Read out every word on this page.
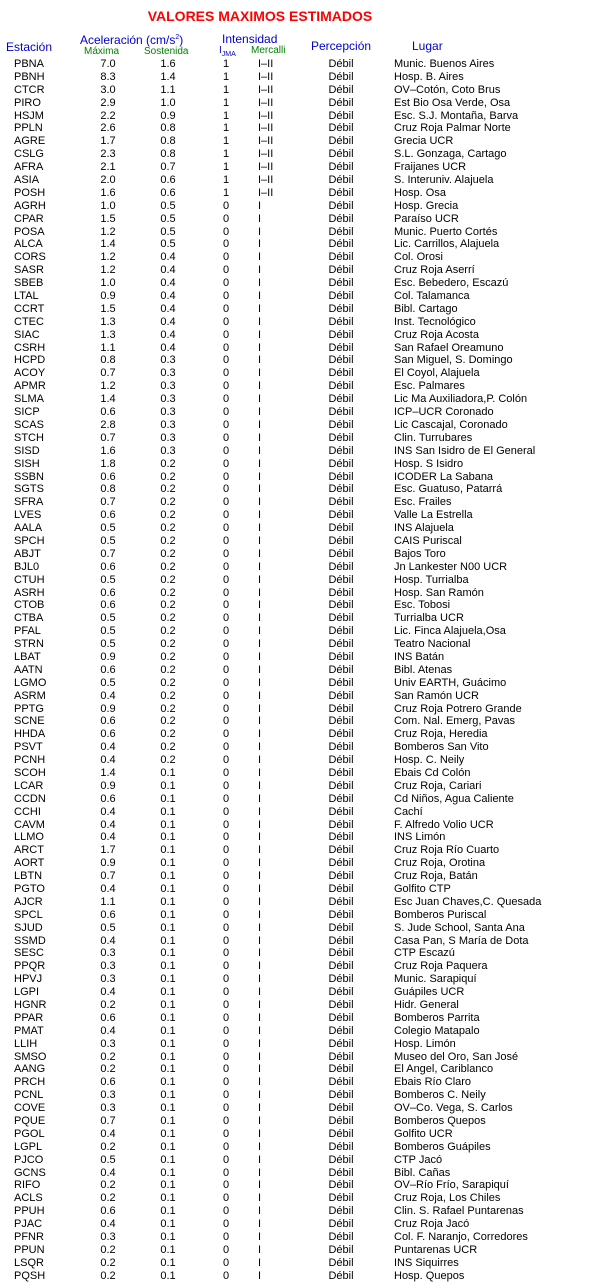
VALORES MAXIMOS ESTIMADOS
Estación Aceleración $(cm/s^2)$
Máxima Sostenida
Intensidad
$I_{JMA}$ Mercalli Percepción	Lugar
PBNA	7.0	1.6	1	I–II	Débil	Munic. Buenos Aires
PBNH	8.3	1.4	1	I–II	Débil	Hosp. B. Aires
CTCR	3.0	1.1	1	I–II	Débil	OV–Cotón, Coto Brus
PIRO	2.9	1.0	1	I–II	Débil	Est Bio Osa Verde, Osa
HSJM	2.2	0.9	1	I–II	Débil	Esc. S.J. Montaña, Barva
PPLN	2.6	0.8	1	I–II	Débil	Cruz Roja Palmar Norte
AGRE	1.7	0.8	1	I–II	Débil	Grecia UCR
CSLG	2.3	0.8	1	I–II	Débil	S.L. Gonzaga, Cartago
AFRA	2.1	0.7	1	I–II	Débil	Fraijanes UCR
ASIA	2.0	0.6	1	I–II	Débil	S. Interuniv. Alajuela
POSH	1.6	0.6	1	I–II	Débil	Hosp. Osa
AGRH	1.0	0.5	0	I	Débil	Hosp. Grecia
CPAR	1.5	0.5	0	I	Débil	Paraíso UCR
POSA	1.2	0.5	0	I	Débil	Munic. Puerto Cortés
ALCA	1.4	0.5	0	I	Débil	Lic. Carrillos, Alajuela
CORS	1.2	0.4	0	I	Débil	Col. Orosi
SASR	1.2	0.4	0	I	Débil	Cruz Roja Aserrí
SBEB	1.0	0.4	0	I	Débil	Esc. Bebedero, Escazú
LTAL	0.9	0.4	0	I	Débil	Col. Talamanca
CCRT	1.5	0.4	0	I	Débil	Bibl. Cartago
CTEC	1.3	0.4	0	I	Débil	Inst. Tecnológico
SIAC	1.3	0.4	0	I	Débil	Cruz Roja Acosta
CSRH	1.1	0.4	0	I	Débil	San Rafael Oreamuno
HCPD	0.8	0.3	0	I	Débil	San Miguel, S. Domingo
ACOY	0.7	0.3	0	I	Débil	El Coyol, Alajuela
APMR	1.2	0.3	0	I	Débil	Esc. Palmares
SLMA	1.4	0.3	0	I	Débil	Lic Ma Auxiliadora,P. Colón
SICP	0.6	0.3	0	I	Débil	ICP–UCR Coronado
SCAS	2.8	0.3	0	I	Débil	Lic Cascajal, Coronado
STCH	0.7	0.3	0	I	Débil	Clin. Turrubares
SISD	1.6	0.3	0	I	Débil	INS San Isidro de El General
SISH	1.8	0.2	0	I	Débil	Hosp. S Isidro
SSBN	0.6	0.2	0	I	Débil	ICODER La Sabana
SGTS	0.8	0.2	0	I	Débil	Esc. Guatuso, Patarrá
SFRA	0.7	0.2	0	I	Débil	Esc. Frailes
LVES	0.6	0.2	0	I	Débil	Valle La Estrella
AALA	0.5	0.2	0	I	Débil	INS Alajuela
SPCH	0.5	0.2	0	I	Débil	CAIS Puriscal
ABJT	0.7	0.2	0	I	Débil	Bajos Toro
BJL0	0.6	0.2	0	I	Débil	Jn Lankester N00 UCR
CTUH	0.5	0.2	0	I	Débil	Hosp. Turrialba
ASRH	0.6	0.2	0	I	Débil	Hosp. San Ramón
CTOB	0.6	0.2	0	I	Débil	Esc. Tobosi
CTBA	0.5	0.2	0	I	Débil	Turrialba UCR
PFAL	0.5	0.2	0	I	Débil	Lic. Finca Alajuela,Osa
STRN	0.5	0.2	0	I	Débil	Teatro Nacional
LBAT	0.9	0.2	0	I	Débil	INS Batán
AATN	0.6	0.2	0	I	Débil	Bibl. Atenas
LGMO	0.5	0.2	0	I	Débil	Univ EARTH, Guácimo
ASRM	0.4	0.2	0	I	Débil	San Ramón UCR
PPTG	0.9	0.2	0	I	Débil	Cruz Roja Potrero Grande
SCNE	0.6	0.2	0	I	Débil	Com. Nal. Emerg, Pavas
HHDA	0.6	0.2	0	I	Débil	Cruz Roja, Heredia
PSVT	0.4	0.2	0	I	Débil	Bomberos San Vito
PCNH	0.4	0.2	0	I	Débil	Hosp. C. Neily
SCOH	1.4	0.1	0	I	Débil	Ebais Cd Colón
LCAR	0.9	0.1	0	I	Débil	Cruz Roja, Cariari
CCDN	0.6	0.1	0	I	Débil	Cd Niños, Agua Caliente
CCHI	0.4	0.1	0	I	Débil	Cachí
CAVM	0.4	0.1	0	I	Débil	F. Alfredo Volio UCR
LLMO	0.4	0.1	0	I	Débil	INS Limón
ARCT	1.7	0.1	0	I	Débil	Cruz Roja Río Cuarto
AORT	0.9	0.1	0	I	Débil	Cruz Roja, Orotina
LBTN	0.7	0.1	0	I	Débil	Cruz Roja, Batán
PGTO	0.4	0.1	0	I	Débil	Golfito CTP
AJCR	1.1	0.1	0	I	Débil	Esc Juan Chaves,C. Quesada
SPCL	0.6	0.1	0	I	Débil	Bomberos Puriscal
SJUD	0.5	0.1	0	I	Débil	S. Jude School, Santa Ana
SSMD	0.4	0.1	0	I	Débil	Casa Pan, S María de Dota
SESC	0.3	0.1	0	I	Débil	CTP Escazú
PPQR	0.3	0.1	0	I	Débil	Cruz Roja Paquera
HPVJ	0.3	0.1	0	I	Débil	Munic. Sarapiquí
LGPI	0.4	0.1	0	I	Débil	Guápiles UCR
HGNR	0.2	0.1	0	I	Débil	Hidr. General
PPAR	0.6	0.1	0	I	Débil	Bomberos Parrita
PMAT	0.4	0.1	0	I	Débil	Colegio Matapalo
LLIH	0.3	0.1	0	I	Débil	Hosp. Limón
SMSO	0.2	0.1	0	I	Débil	Museo del Oro, San José
AANG	0.2	0.1	0	I	Débil	El Angel, Cariblanco
PRCH	0.6	0.1	0	I	Débil	Ebais Río Claro
PCNL	0.3	0.1	0	I	Débil	Bomberos C. Neily
COVE	0.3	0.1	0	I	Débil	OV–Co. Vega, S. Carlos
PQUE	0.7	0.1	0	I	Débil	Bomberos Quepos
PGOL	0.4	0.1	0	I	Débil	Golfito UCR
LGPL	0.2	0.1	0	I	Débil	Bomberos Guápiles
PJCO	0.5	0.1	0	I	Débil	CTP Jacó
GCNS	0.4	0.1	0	I	Débil	Bibl. Cañas
RIFO	0.2	0.1	0	I	Débil	OV–Río Frío, Sarapiquí
ACLS	0.2	0.1	0	I	Débil	Cruz Roja, Los Chiles
PPUH	0.6	0.1	0	I	Débil	Clin. S. Rafael Puntarenas
PJAC	0.4	0.1	0	I	Débil	Cruz Roja Jacó
PFNR	0.3	0.1	0	I	Débil	Col. F. Naranjo, Corredores
PPUN	0.2	0.1	0	I	Débil	Puntarenas UCR
LSQR	0.2	0.1	0	I	Débil	INS Siquirres
PQSH	0.2	0.1	0	I	Débil	Hosp. Quepos
